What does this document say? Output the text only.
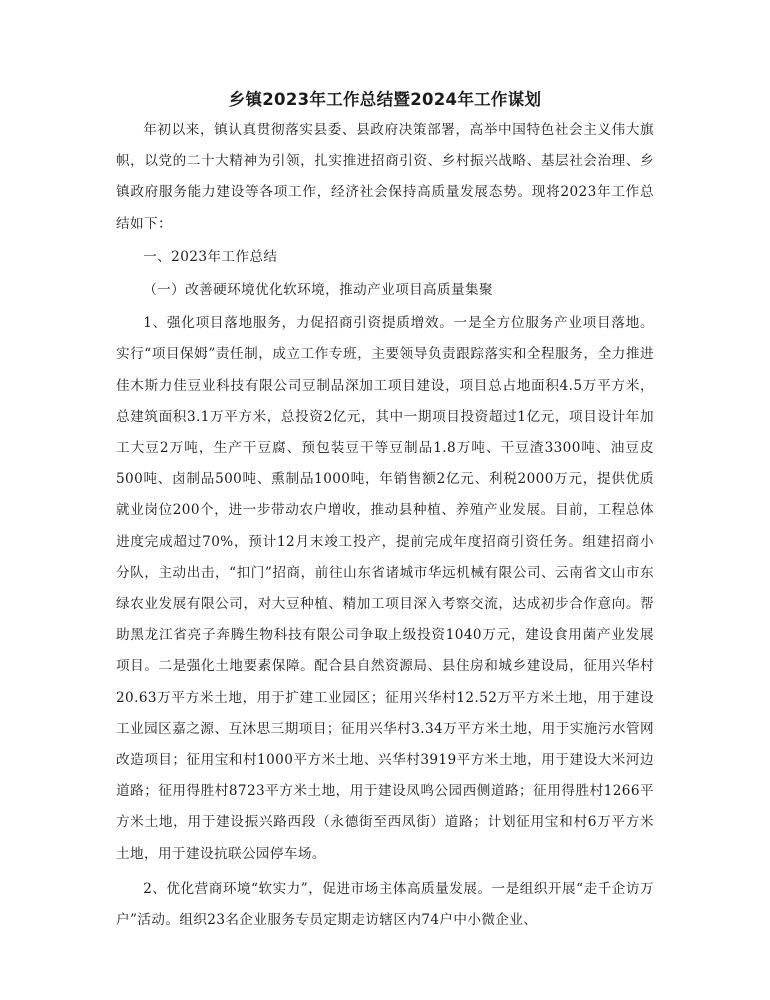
乡镇2023年工作总结暨2024年工作谋划

年初以来，镇认真贯彻落实县委、县政府决策部署，高举中国特色社会主义伟大旗帜，以党的二十大精神为引领，扎实推进招商引资、乡村振兴战略、基层社会治理、乡镇政府服务能力建设等各项工作，经济社会保持高质量发展态势。现将2023年工作总结如下：

一、2023年工作总结

（一）改善硬环境优化软环境，推动产业项目高质量集聚

1、强化项目落地服务，力促招商引资提质增效。一是全方位服务产业项目落地。实行“项目保姆”责任制，成立工作专班，主要领导负责跟踪落实和全程服务，全力推进佳木斯力佳豆业科技有限公司豆制品深加工项目建设，项目总占地面积4.5万平方米，总建筑面积3.1万平方米，总投资2亿元，其中一期项目投资超过1亿元，项目设计年加工大豆2万吨，生产干豆腐、预包装豆干等豆制品1.8万吨、干豆渣3300吨、油豆皮500吨、卤制品500吨、熏制品1000吨，年销售额2亿元、利税2000万元，提供优质就业岗位200个，进一步带动农户增收，推动县种植、养殖产业发展。目前，工程总体进度完成超过70%，预计12月末竣工投产，提前完成年度招商引资任务。组建招商小分队，主动出击，“扣门”招商，前往山东省诸城市华远机械有限公司、云南省文山市东绿农业发展有限公司，对大豆种植、精加工项目深入考察交流，达成初步合作意向。帮助黑龙江省亮子奔腾生物科技有限公司争取上级投资1040万元，建设食用菌产业发展项目。二是强化土地要素保障。配合县自然资源局、县住房和城乡建设局，征用兴华村20.63万平方米土地，用于扩建工业园区；征用兴华村12.52万平方米土地，用于建设工业园区嘉之源、互沐思三期项目；征用兴华村3.34万平方米土地，用于实施污水管网改造项目；征用宝和村1000平方米土地、兴华村3919平方米土地，用于建设大米河边道路；征用得胜村8723平方米土地，用于建设凤鸣公园西侧道路；征用得胜村1266平方米土地，用于建设振兴路西段（永德街至西凤街）道路；计划征用宝和村6万平方米土地，用于建设抗联公园停车场。

2、优化营商环境“软实力”，促进市场主体高质量发展。一是组织开展“走千企访万户”活动。组织23名企业服务专员定期走访辖区内74户中小微企业、
